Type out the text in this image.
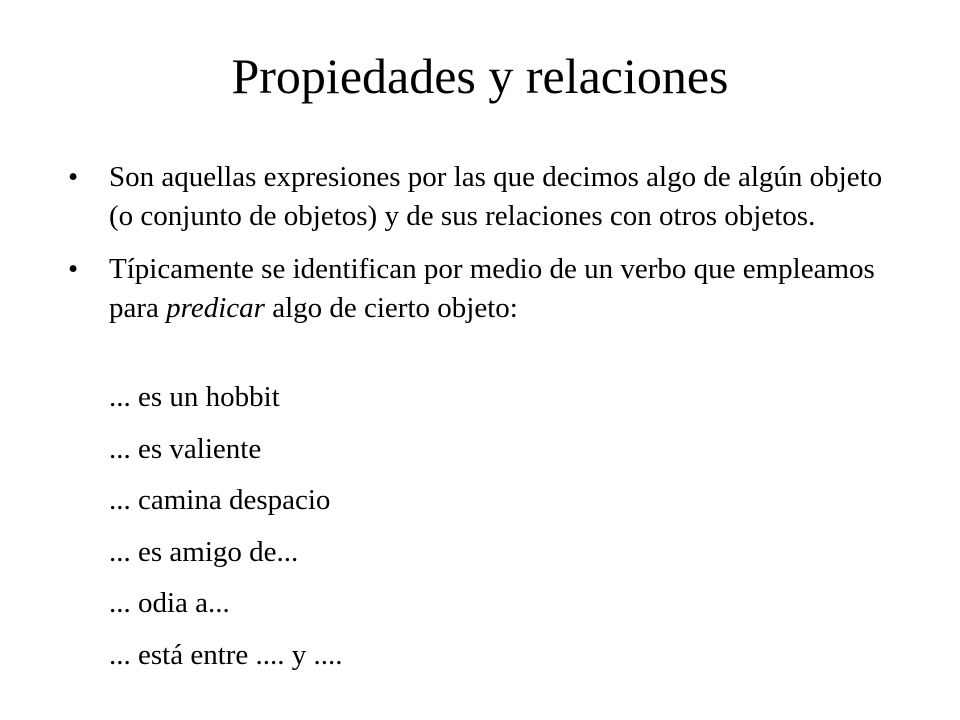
Propiedades y relaciones
• Son aquellas expresiones por las que decimos algo de algún objeto (o conjunto de objetos) y de sus relaciones con otros objetos.
• Típicamente se identifican por medio de un verbo que empleamos para predicar algo de cierto objeto:
... es un hobbit
... es valiente
... camina despacio
... es amigo de...
... odia a...
... está entre .... y ....
